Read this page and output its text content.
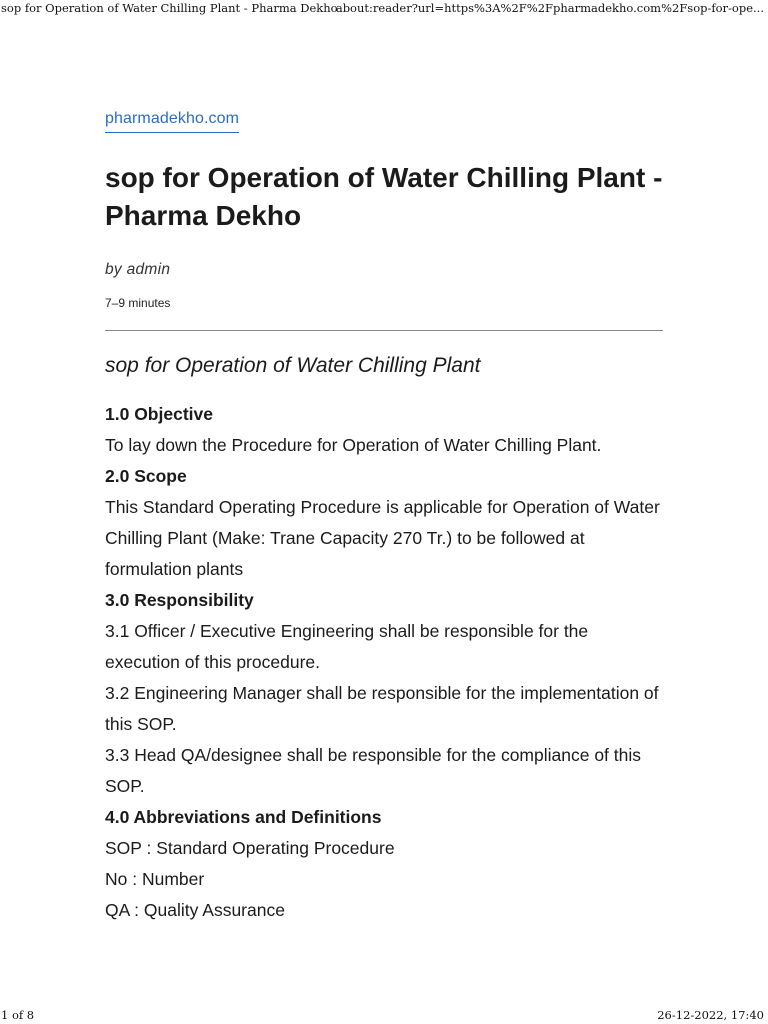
sop for Operation of Water Chilling Plant - Pharma Dekho
about:reader?url=https%3A%2F%2Fpharmadekho.com%2Fsop-for-ope...
pharmadekho.com
sop for Operation of Water Chilling Plant - Pharma Dekho
by admin
7–9 minutes
sop for Operation of Water Chilling Plant
1.0 Objective
To lay down the Procedure for Operation of Water Chilling Plant.
2.0 Scope
This Standard Operating Procedure is applicable for Operation of Water Chilling Plant (Make: Trane Capacity 270 Tr.) to be followed at formulation plants
3.0 Responsibility
3.1 Officer / Executive Engineering shall be responsible for the execution of this procedure.
3.2 Engineering Manager shall be responsible for the implementation of this SOP.
3.3 Head QA/designee shall be responsible for the compliance of this SOP.
4.0 Abbreviations and Definitions
SOP : Standard Operating Procedure
No : Number
QA : Quality Assurance
1 of 8	26-12-2022, 17:40
